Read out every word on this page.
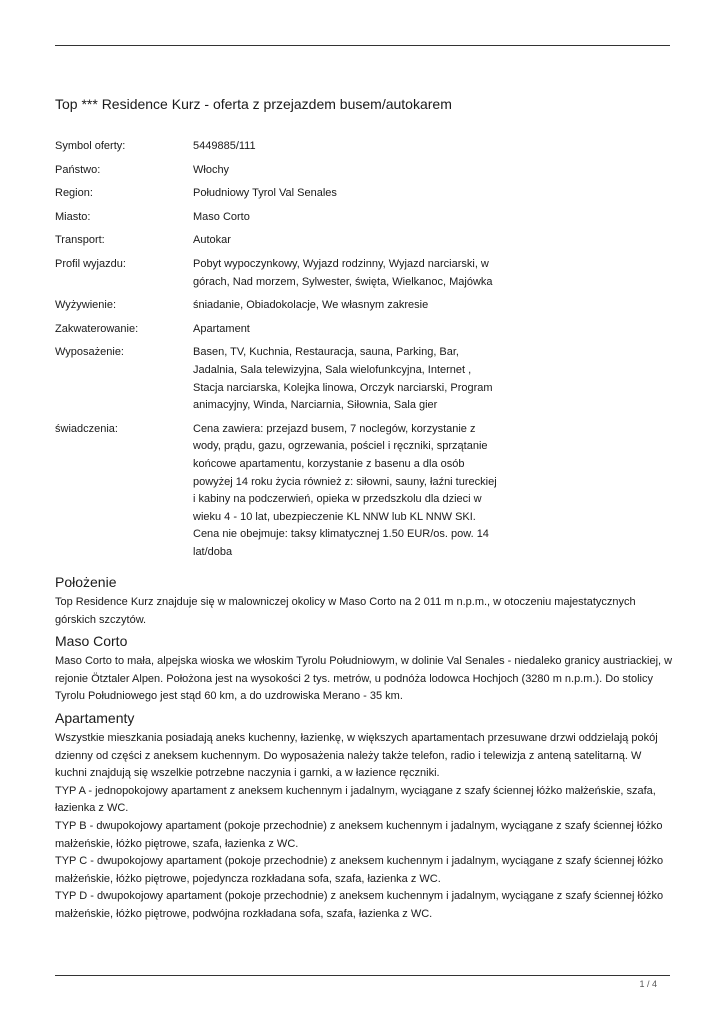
Top *** Residence Kurz - oferta z przejazdem busem/autokarem
Symbol oferty:	5449885/111
Państwo:	Włochy
Region:	Południowy Tyrol Val Senales
Miasto:	Maso Corto
Transport:	Autokar
Profil wyjazdu:	Pobyt wypoczynkowy, Wyjazd rodzinny, Wyjazd narciarski, w
górach, Nad morzem, Sylwester, święta, Wielkanoc, Majówka
Wyżywienie:	śniadanie, Obiadokolacje, We własnym zakresie
Zakwaterowanie:	Apartament
Wyposażenie:	Basen, TV, Kuchnia, Restauracja, sauna, Parking, Bar,
Jadalnia, Sala telewizyjna, Sala wielofunkcyjna, Internet ,
Stacja narciarska, Kolejka linowa, Orczyk narciarski, Program
animacyjny, Winda, Narciarnia, Siłownia, Sala gier
świadczenia:	Cena zawiera: przejazd busem, 7 noclegów, korzystanie z
wody, prądu, gazu, ogrzewania, pościel i ręczniki, sprzątanie
końcowe apartamentu, korzystanie z basenu a dla osób
powyżej 14 roku życia również z: siłowni, sauny, łaźni tureckiej
i kabiny na podczerwień, opieka w przedszkolu dla dzieci w
wieku 4 - 10 lat, ubezpieczenie KL NNW lub KL NNW SKI.
Cena nie obejmuje: taksy klimatycznej 1.50 EUR/os. pow. 14
lat/doba
Położenie
Top Residence Kurz znajduje się w malowniczej okolicy w Maso Corto na 2 011 m n.p.m., w otoczeniu majestatycznych
górskich szczytów.
Maso Corto
Maso Corto to mała, alpejska wioska we włoskim Tyrolu Południowym, w dolinie Val Senales - niedaleko granicy austriackiej, w
rejonie Ötztaler Alpen. Położona jest na wysokości 2 tys. metrów, u podnóża lodowca Hochjoch (3280 m n.p.m.). Do stolicy
Tyrolu Południowego jest stąd 60 km, a do uzdrowiska Merano - 35 km.
Apartamenty
Wszystkie mieszkania posiadają aneks kuchenny, łazienkę, w większych apartamentach przesuwane drzwi oddzielają pokój
dzienny od części z aneksem kuchennym. Do wyposażenia należy także telefon, radio i telewizja z anteną satelitarną. W
kuchni znajdują się wszelkie potrzebne naczynia i garnki, a w łazience ręczniki.
TYP A - jednopokojowy apartament z aneksem kuchennym i jadalnym, wyciągane z szafy ściennej łóżko małżeńskie, szafa,
łazienka z WC.
TYP B - dwupokojowy apartament (pokoje przechodnie) z aneksem kuchennym i jadalnym, wyciągane z szafy ściennej łóżko
małżeńskie, łóżko piętrowe, szafa, łazienka z WC.
TYP C - dwupokojowy apartament (pokoje przechodnie) z aneksem kuchennym i jadalnym, wyciągane z szafy ściennej łóżko
małżeńskie, łóżko piętrowe, pojedyncza rozkładana sofa, szafa, łazienka z WC.
TYP D - dwupokojowy apartament (pokoje przechodnie) z aneksem kuchennym i jadalnym, wyciągane z szafy ściennej łóżko
małżeńskie, łóżko piętrowe, podwójna rozkładana sofa, szafa, łazienka z WC.
1 / 4
